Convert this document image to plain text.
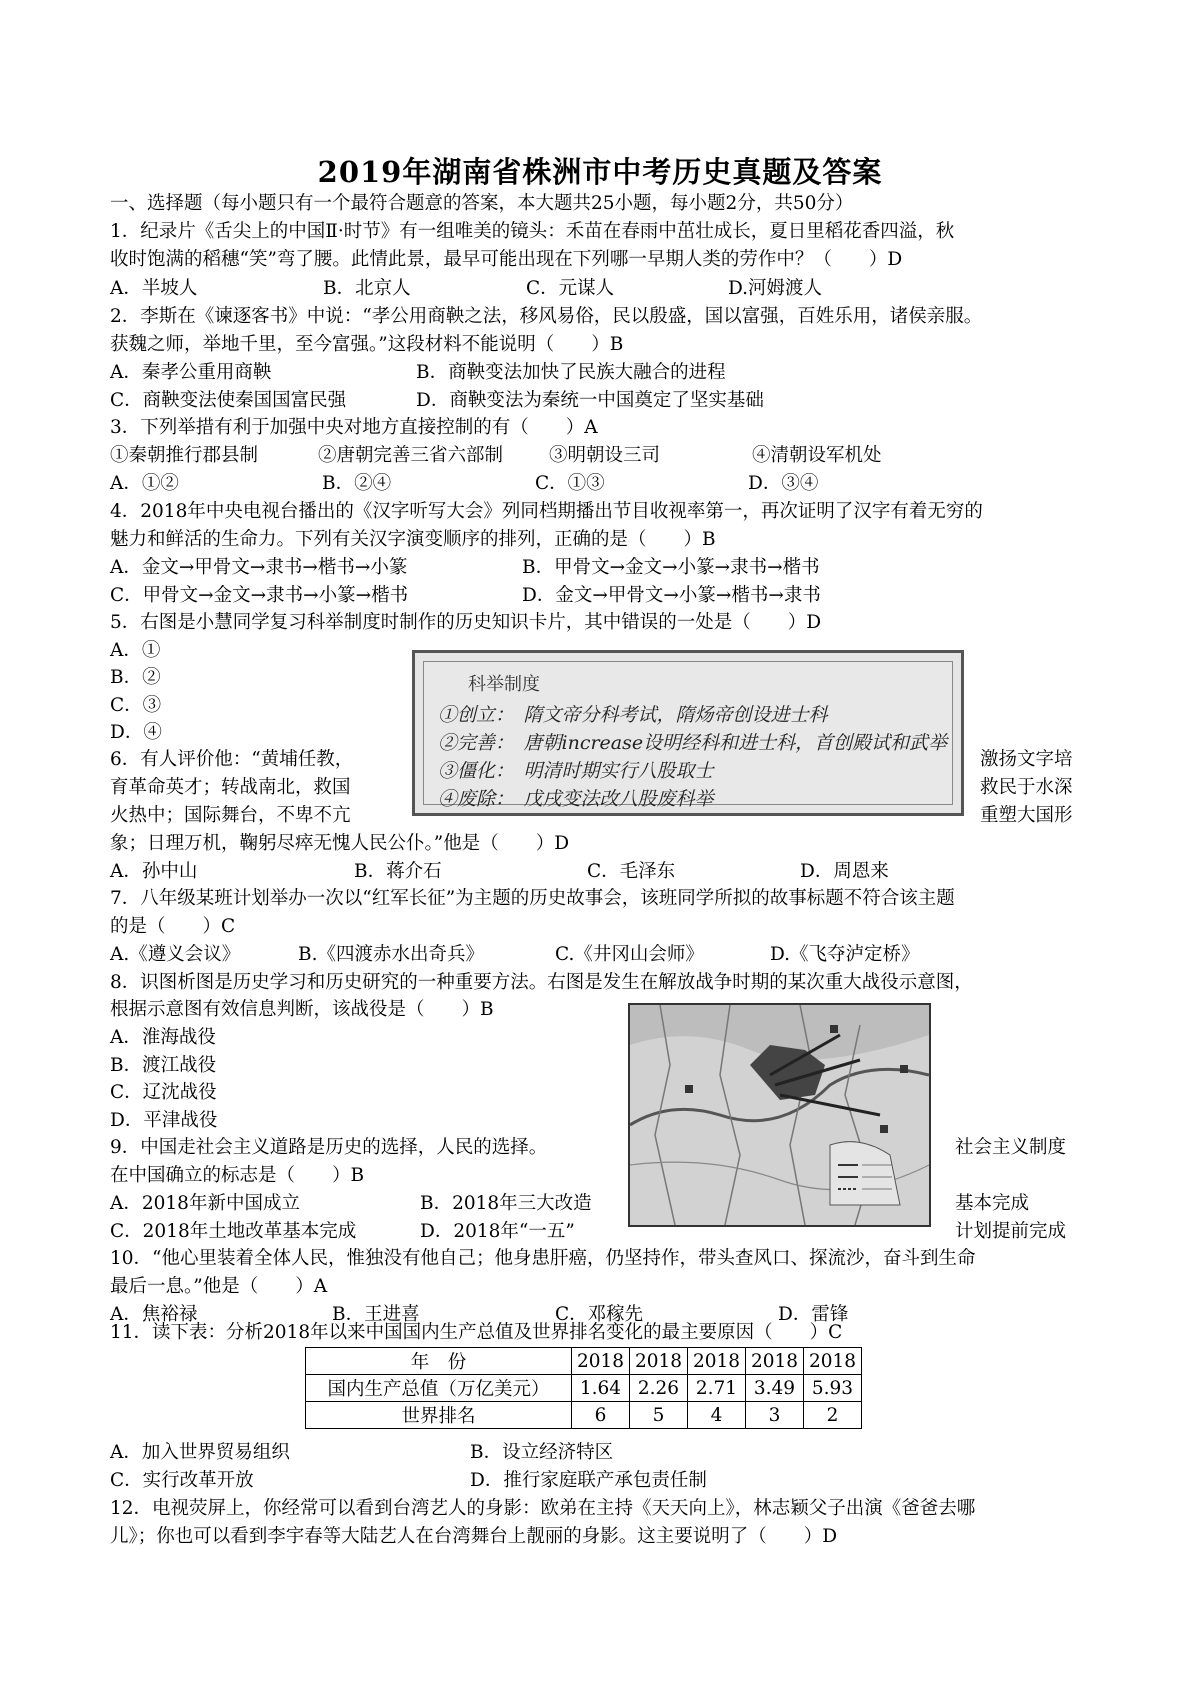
2019年湖南省株洲市中考历史真题及答案
一、选择题（每小题只有一个最符合题意的答案，本大题共25小题，每小题2分，共50分）
1．纪录片《舌尖上的中国Ⅱ·时节》有一组唯美的镜头：禾苗在春雨中茁壮成长，夏日里稻花香四溢，秋
收时饱满的稻穗“笑”弯了腰。此情此景，最早可能出现在下列哪一早期人类的劳作中？（　　）D
A．半坡人	B．北京人	C．元谋人	D.河姆渡人
2．李斯在《谏逐客书》中说：“孝公用商鞅之法，移风易俗，民以殷盛，国以富强，百姓乐用，诸侯亲服。
获魏之师，举地千里，至今富强。”这段材料不能说明（　　）B
A．秦孝公重用商鞅	B．商鞅变法加快了民族大融合的进程
C．商鞅变法使秦国国富民强	D．商鞅变法为秦统一中国奠定了坚实基础
3．下列举措有利于加强中央对地方直接控制的有（　　）A
①秦朝推行郡县制	②唐朝完善三省六部制 ③明朝设三司	④清朝设军机处
A．①②	B．②④	C．①③	D．③④
4．2018年中央电视台播出的《汉字听写大会》列同档期播出节目收视率第一，再次证明了汉字有着无穷的
魅力和鲜活的生命力。下列有关汉字演变顺序的排列，正确的是（　　）B
A．金文→甲骨文→隶书→楷书→小篆	B．甲骨文→金文→小篆→隶书→楷书
C．甲骨文→金文→隶书→小篆→楷书	D．金文→甲骨文→小篆→楷书→隶书
5．右图是小慧同学复习科举制度时制作的历史知识卡片，其中错误的一处是（　　）D
A．①
B．②
C．③
D．④
科举制度
①创立：　隋文帝分科考试，隋炀帝创设进士科
②完善：　唐朝increase设明经科和进士科，首创殿试和武举
③僵化：　明清时期实行八股取士
④废除：　戊戌变法改八股废科举
6．有人评价他：“黄埔任教，	激扬文字培
育革命英才；转战南北，救国	救民于水深
火热中；国际舞台，不卑不亢	重塑大国形
象；日理万机，鞠躬尽瘁无愧人民公仆。”他是（　　）D
A．孙中山	B．蒋介石	C．毛泽东	D．周恩来
7．八年级某班计划举办一次以“红军长征”为主题的历史故事会，该班同学所拟的故事标题不符合该主题
的是（　　）C
A.《遵义会议》	B.《四渡赤水出奇兵》	C.《井冈山会师》	D.《飞夺泸定桥》
8．识图析图是历史学习和历史研究的一种重要方法。右图是发生在解放战争时期的某次重大战役示意图，
根据示意图有效信息判断，该战役是（　　）B
A．淮海战役
B．渡江战役
C．辽沈战役
D．平津战役
9．中国走社会主义道路是历史的选择，人民的选择。	社会主义制度
在中国确立的标志是（　　）B
A．2018年新中国成立	B．2018年三大改造	基本完成
C．2018年土地改革基本完成	D．2018年“一五”	计划提前完成
10．“他心里装着全体人民，惟独没有他自己；他身患肝癌，仍坚持作，带头查风口、探流沙，奋斗到生命
最后一息。”他是（　　）A
A．焦裕禄	B．王进喜	C．邓稼先	D．雷锋
11．读下表：分析2018年以来中国国内生产总值及世界排名变化的最主要原因（　　）C
年　份	2018	2018	2018	2018	2018
国内生产总值（万亿美元）	1.64	2.26	2.71	3.49	5.93
世界排名	6	5	4	3	2
A．加入世界贸易组织	B．设立经济特区
C．实行改革开放	D．推行家庭联产承包责任制
12．电视荧屏上，你经常可以看到台湾艺人的身影：欧弟在主持《天天向上》，林志颖父子出演《爸爸去哪
儿》；你也可以看到李宇春等大陆艺人在台湾舞台上靓丽的身影。这主要说明了（　　）D
